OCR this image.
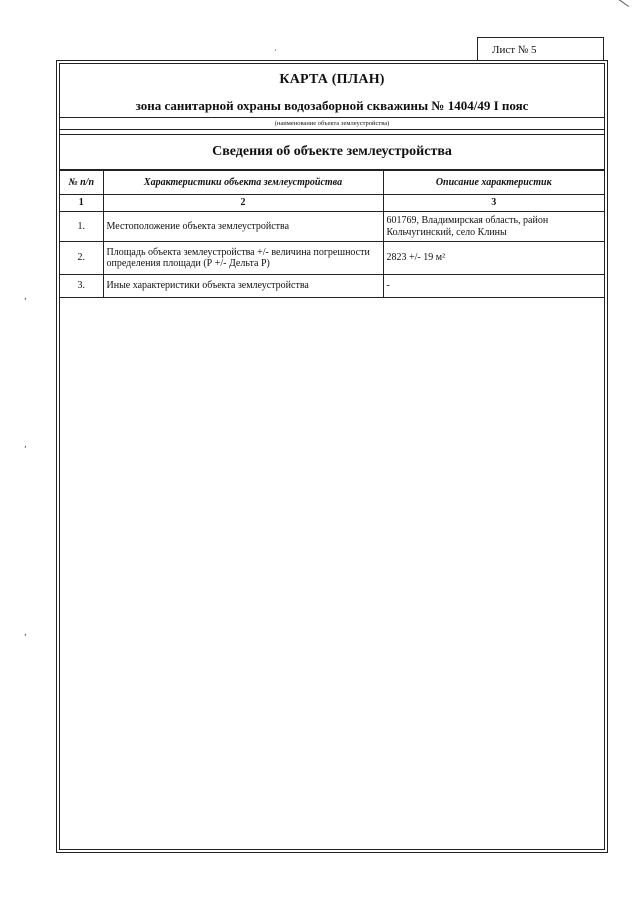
Лист № 5
КАРТА (ПЛАН)
зона санитарной охраны водозаборной скважины № 1404/49 I пояс
(наименование объекта землеустройства)
Сведения об объекте землеустройства
№ п/п	Характеристики объекта землеустройства	Описание характеристик
1	2	3
1.	Местоположение объекта землеустройства	601769, Владимирская область, район Кольчугинский, село Клины
2.	Площадь объекта землеустройства +/- величина погрешности определения площади (Р +/- Дельта Р)	2823 +/- 19 м²
3.	Иные характеристики объекта землеустройства	-
,
,
,
·
